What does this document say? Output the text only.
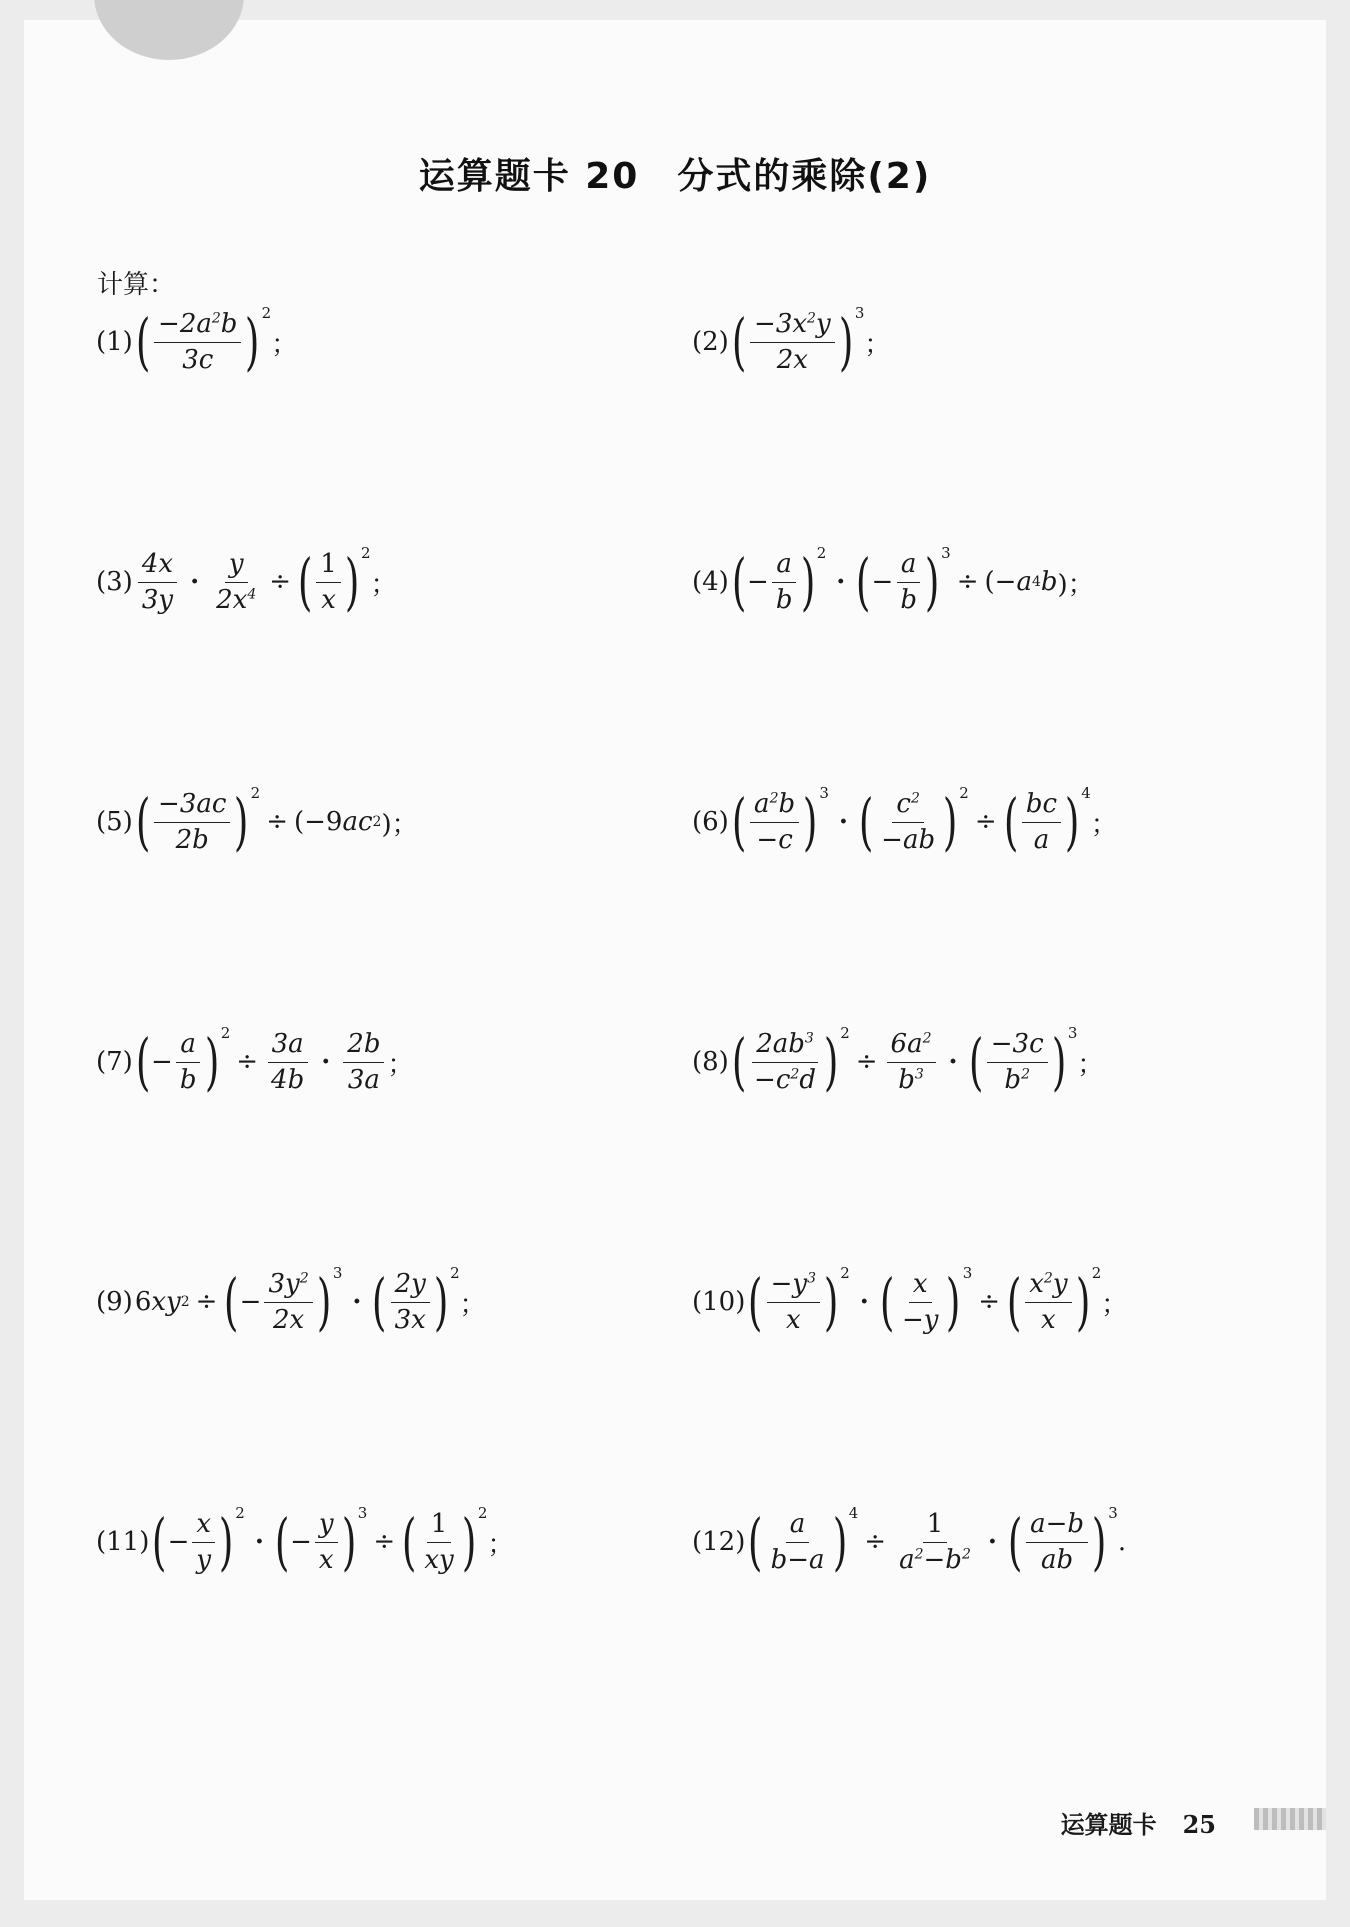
运算题卡 20　分式的乘除(2)
计算：
(1) ( $\frac{-2a^2b}{3c}$ ) 2
；	(2) ( $\frac{-3x^2y}{2x}$ ) 3
；
$(3) \frac{4x}{3y} \cdot \frac{y}{2x^4}$ ÷ ( $\frac{1}{x}$ ) 2
；	(4) ( − $\frac{a}{b}$ ) 2
· ( − $\frac{a}{b}$ ) 3
÷ (− a 4 b )；
(5) ( $\frac{-3ac}{2b}$ ) 2
÷ (−9 ac 2 )；	(6) ( $\frac{a^2b}{-c}$ ) 3
· ( $\frac{c^2}{-ab}$ ) 2
÷ ( $\frac{bc}{a}$ ) 4
；
(7) ( − $\frac{a}{b}$ ) 2
÷ $\frac{3a}{4b} \cdot \frac{2b}{3a}$ ；	(8) ( $\frac{2ab^3}{-c^2d}$ ) 2
÷ $\frac{6a^2}{b^3}$ · ( $\frac{-3c}{b^2}$ ) 3
；
(9) 6 xy 2 ÷ ( − $\frac{3y^2}{2x}$ ) 3
· ( $\frac{2y}{3x}$ ) 2
；	(10) ( $\frac{-y^3}{x}$ ) 2
· ( $\frac{x}{-y}$ ) 3
÷ ( $\frac{x^2y}{x}$ ) 2
；
(11) ( − $\frac{x}{y}$ ) 2
· ( − $\frac{y}{x}$ ) 3
÷ ( $\frac{1}{xy}$ ) 2
；	(12) ( $\frac{a}{b-a}$ ) 4
÷ $\frac{1}{a^2-b^2}$ · ( $\frac{a-b}{ab}$ ) 3
.
运算题卡 25
